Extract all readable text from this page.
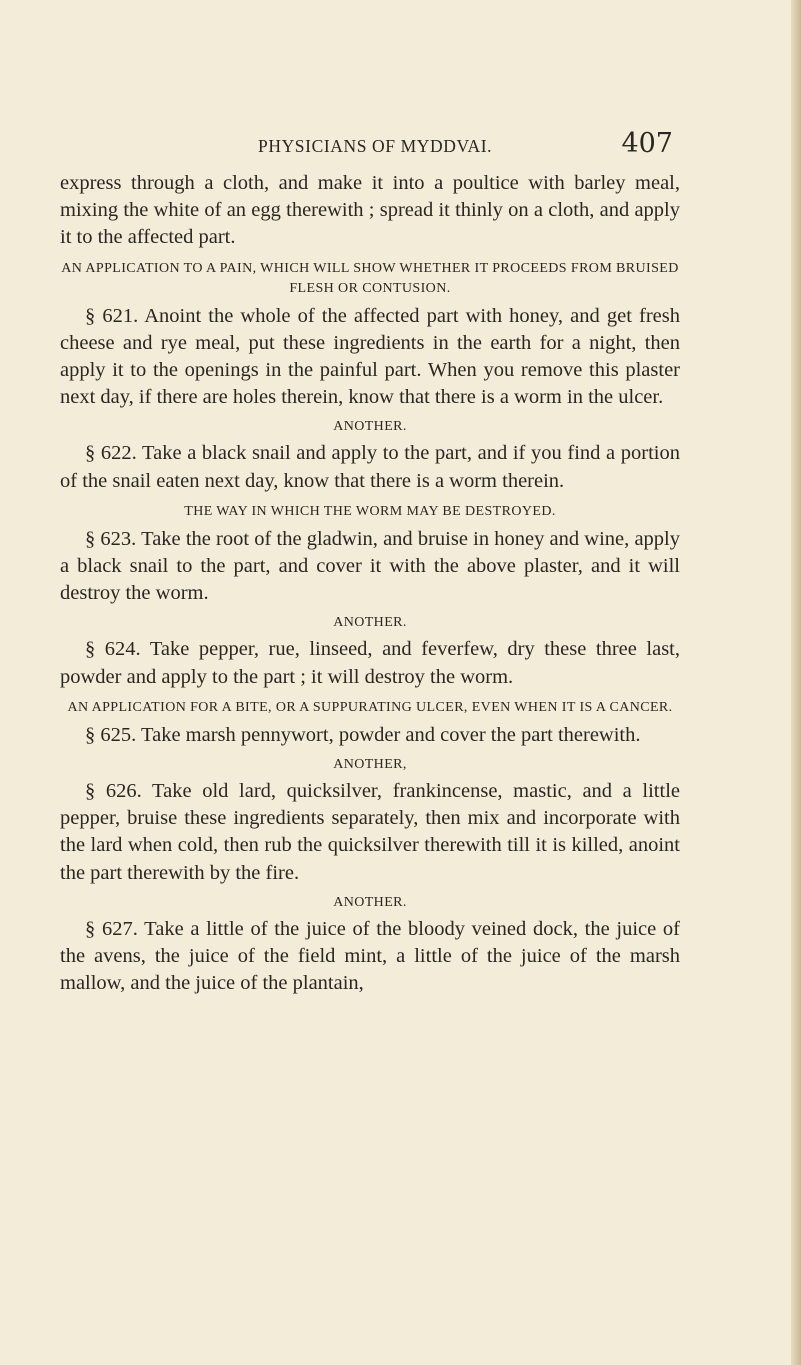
PHYSICIANS OF MYDDVAI.	407

express through a cloth, and make it into a poultice with barley meal, mixing the white of an egg therewith ; spread it thinly on a cloth, and apply it to the affected part.

AN APPLICATION TO A PAIN, WHICH WILL SHOW WHETHER IT PROCEEDS FROM BRUISED FLESH OR CONTUSION.

§ 621. Anoint the whole of the affected part with honey, and get fresh cheese and rye meal, put these ingredients in the earth for a night, then apply it to the openings in the painful part. When you remove this plaster next day, if there are holes therein, know that there is a worm in the ulcer.

ANOTHER.

§ 622. Take a black snail and apply to the part, and if you find a portion of the snail eaten next day, know that there is a worm therein.

THE WAY IN WHICH THE WORM MAY BE DESTROYED.

§ 623. Take the root of the gladwin, and bruise in honey and wine, apply a black snail to the part, and cover it with the above plaster, and it will destroy the worm.

ANOTHER.

§ 624. Take pepper, rue, linseed, and feverfew, dry these three last, powder and apply to the part ; it will destroy the worm.

AN APPLICATION FOR A BITE, OR A SUPPURATING ULCER, EVEN WHEN IT IS A CANCER.

§ 625. Take marsh pennywort, powder and cover the part therewith.

ANOTHER,

§ 626. Take old lard, quicksilver, frankincense, mastic, and a little pepper, bruise these ingredients separately, then mix and incorporate with the lard when cold, then rub the quicksilver therewith till it is killed, anoint the part therewith by the fire.

ANOTHER.

§ 627. Take a little of the juice of the bloody veined dock, the juice of the avens, the juice of the field mint, a little of the juice of the marsh mallow, and the juice of the plantain,
